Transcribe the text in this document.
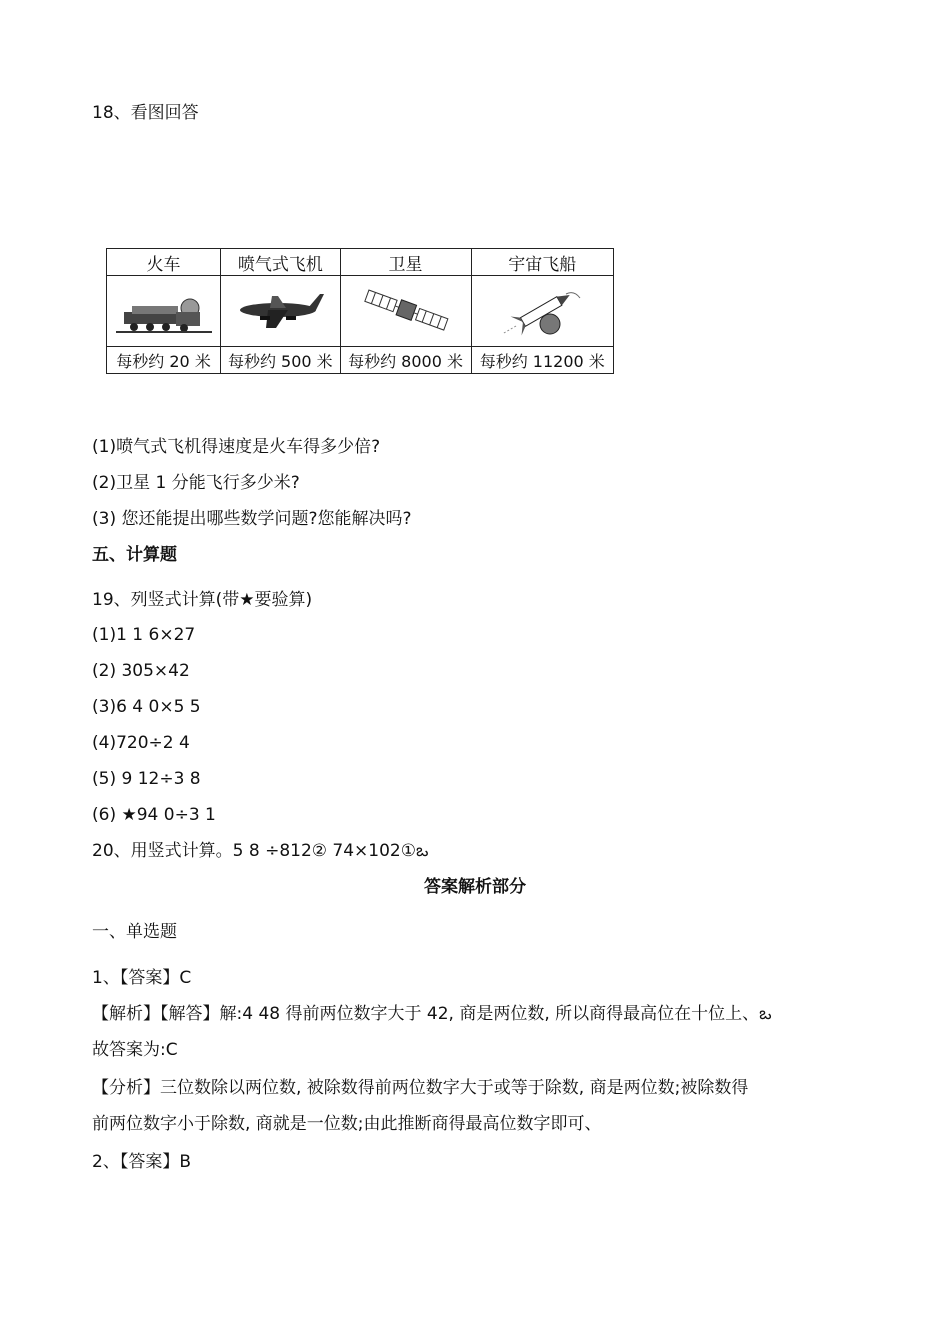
18、看图回答
火车	喷气式飞机	卫星	宇宙飞船

每秒约 20 米	每秒约 500 米	每秒约 8000 米	每秒约 11200 米
(1)喷气式飞机得速度是火车得多少倍?
(2)卫星 1 分能飞行多少米?
(3) 您还能提出哪些数学问题?您能解决吗?
五、计算题
19、列竖式计算(带★要验算)
(1)1 1 6×27
(2) 305×42
(3)6 4 0×5 5
(4)720÷2 4
(5) 9 12÷3 8
(6) ★94 0÷3 1
20、用竖式计算。5 8 ÷812② 74×102①ఒ
答案解析部分
一、单选题
1、【答案】C
【解析】【解答】解:4 48 得前两位数字大于 42, 商是两位数, 所以商得最高位在十位上、ఒ
故答案为:C
【分析】三位数除以两位数, 被除数得前两位数字大于或等于除数, 商是两位数;被除数得
前两位数字小于除数, 商就是一位数;由此推断商得最高位数字即可、
2、【答案】B
